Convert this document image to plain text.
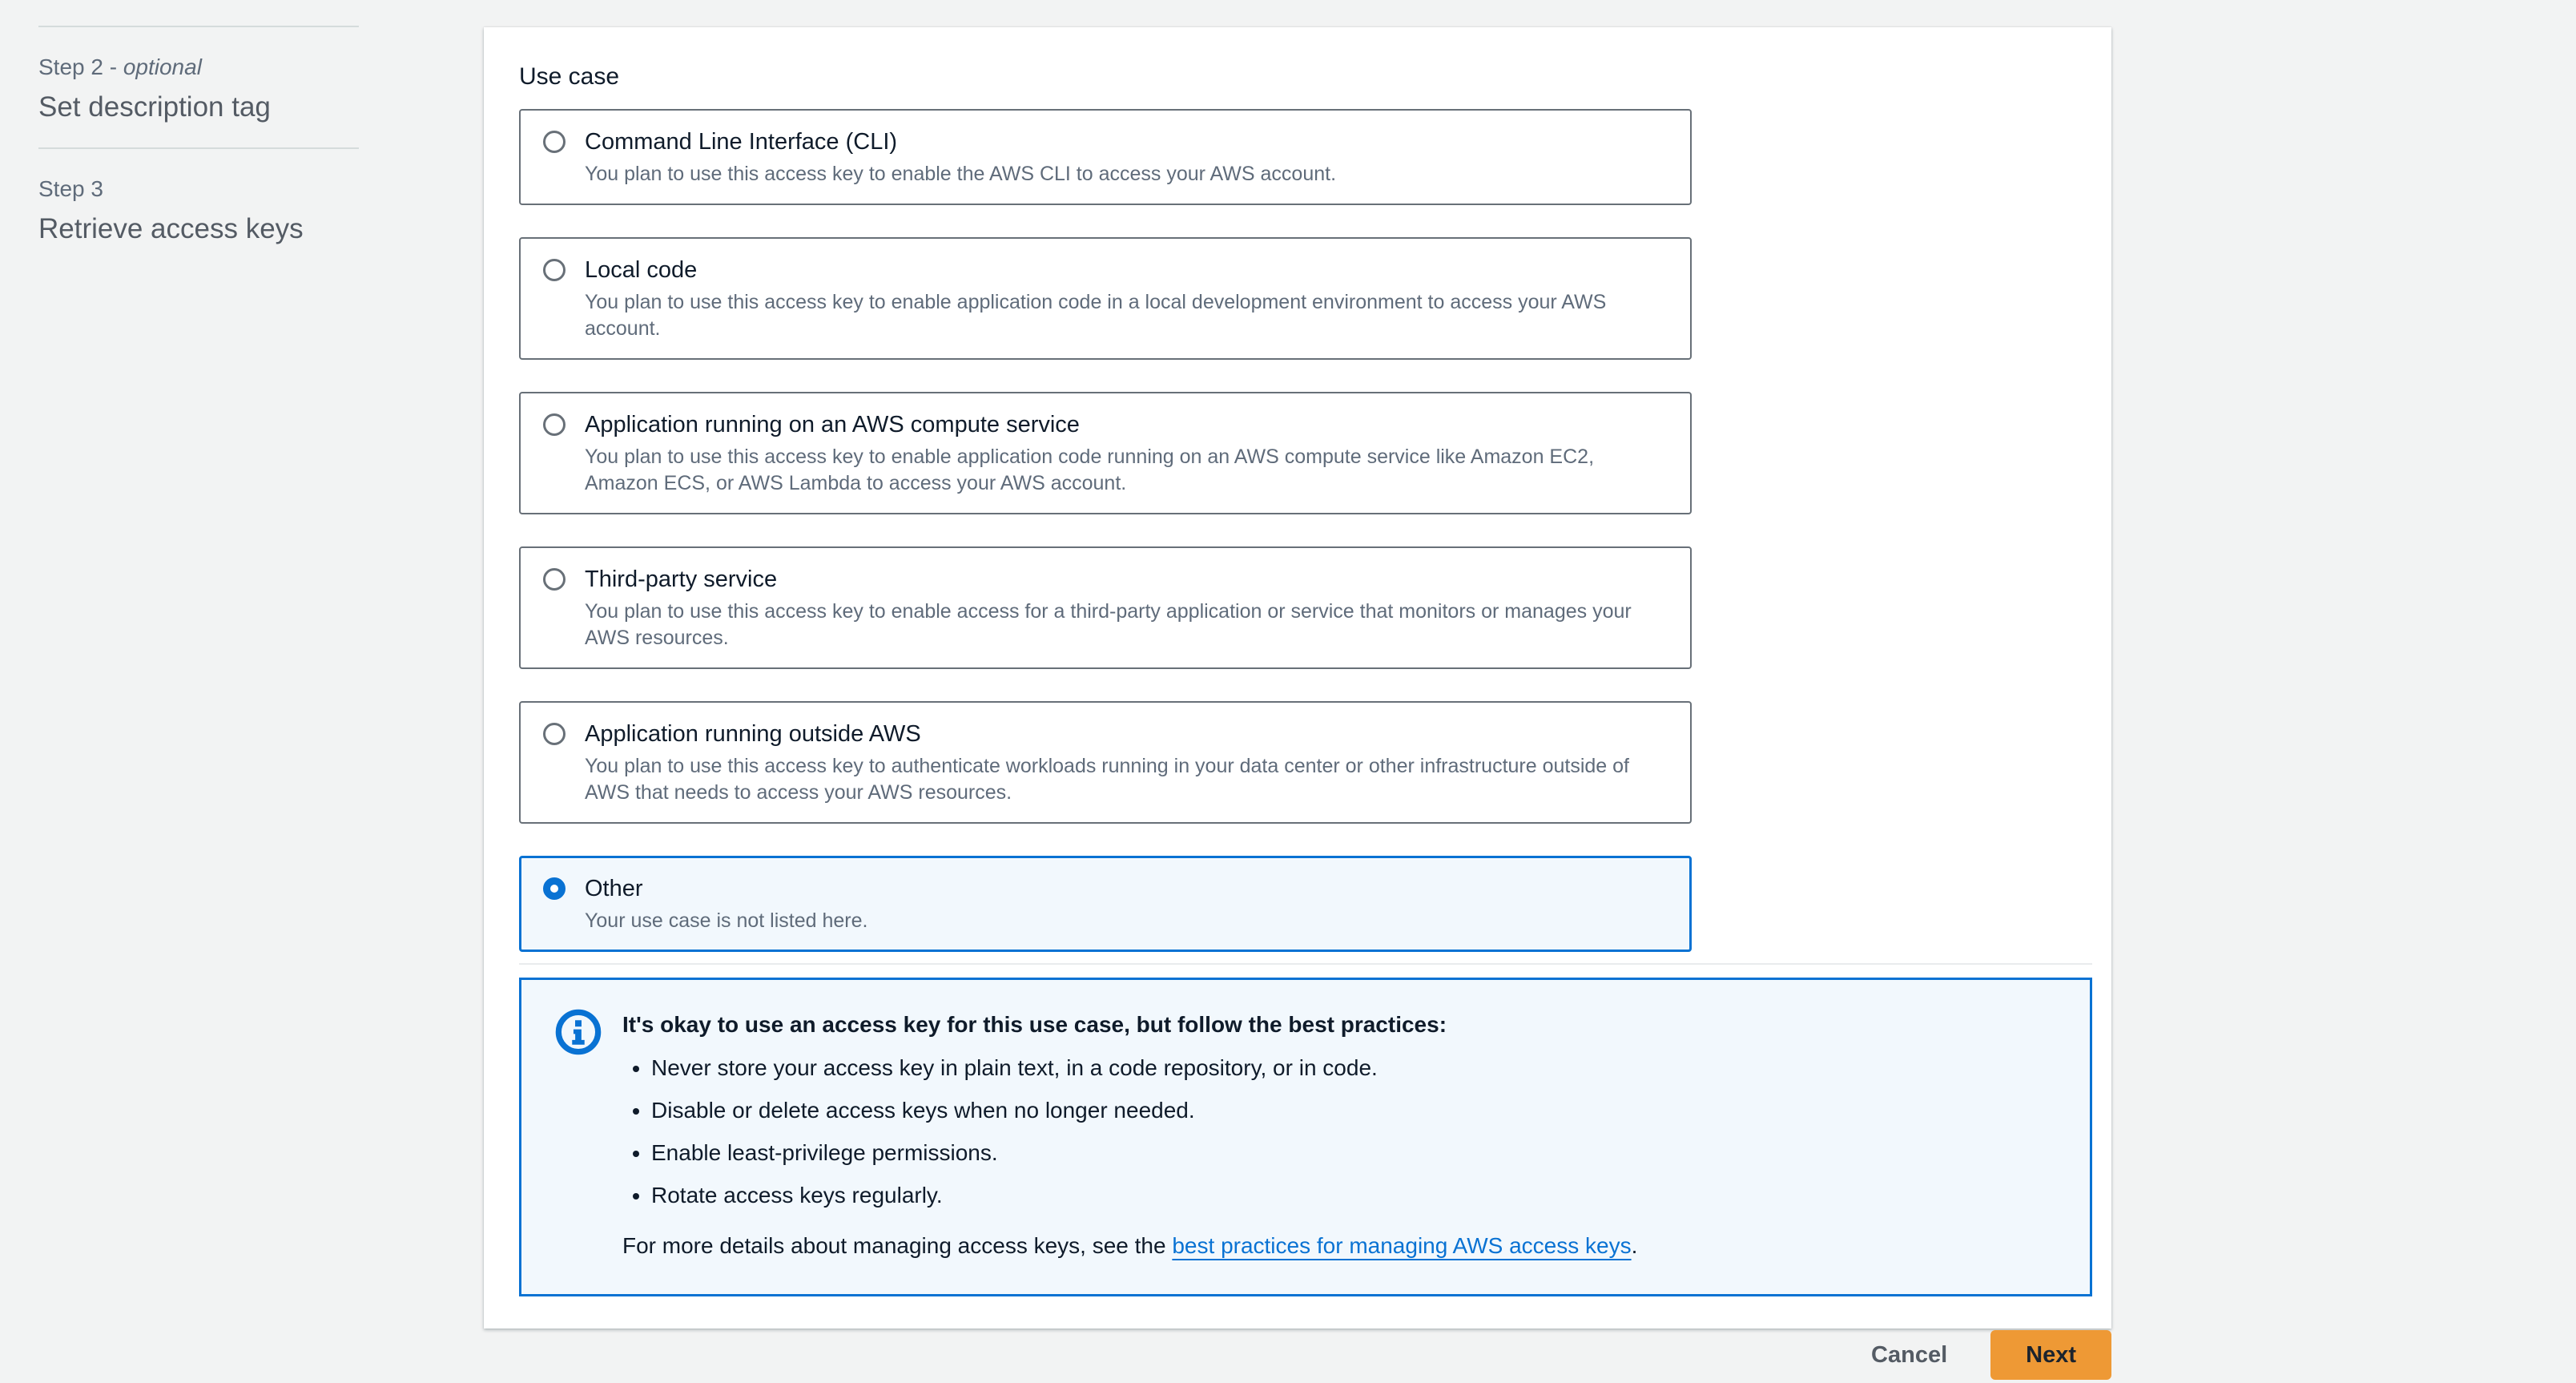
Step 2 - optional
Set description tag
Step 3
Retrieve access keys
Use case
Command Line Interface (CLI)
You plan to use this access key to enable the AWS CLI to access your AWS account.
Local code
You plan to use this access key to enable application code in a local development environment to access your AWS account.
Application running on an AWS compute service
You plan to use this access key to enable application code running on an AWS compute service like Amazon EC2, Amazon ECS, or AWS Lambda to access your AWS account.
Third-party service
You plan to use this access key to enable access for a third-party application or service that monitors or manages your AWS resources.
Application running outside AWS
You plan to use this access key to authenticate workloads running in your data center or other infrastructure outside of AWS that needs to access your AWS resources.
Other
Your use case is not listed here.
It's okay to use an access key for this use case, but follow the best practices:
• Never store your access key in plain text, in a code repository, or in code.
• Disable or delete access keys when no longer needed.
• Enable least-privilege permissions.
• Rotate access keys regularly.

For more details about managing access keys, see the best practices for managing AWS access keys.

Cancel	Next
